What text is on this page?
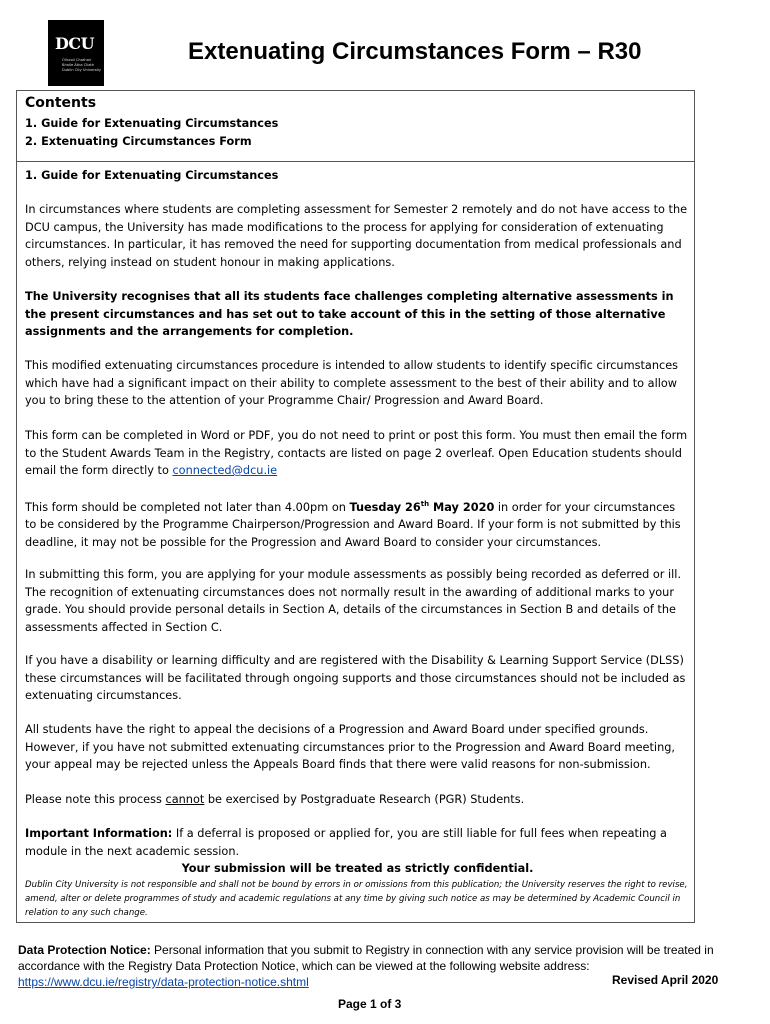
DCU
Ollscoil Chathair Bhaile Átha Cliath Dublin City University
Extenuating Circumstances Form – R30
Contents
1. Guide for Extenuating Circumstances
2. Extenuating Circumstances Form
1. Guide for Extenuating Circumstances
In circumstances where students are completing assessment for Semester 2 remotely and do not have access to the DCU campus, the University has made modifications to the process for applying for consideration of extenuating circumstances. In particular, it has removed the need for supporting documentation from medical professionals and others, relying instead on student honour in making applications.
The University recognises that all its students face challenges completing alternative assessments in the present circumstances and has set out to take account of this in the setting of those alternative assignments and the arrangements for completion.
This modified extenuating circumstances procedure is intended to allow students to identify specific circumstances which have had a significant impact on their ability to complete assessment to the best of their ability and to allow you to bring these to the attention of your Programme Chair/ Progression and Award Board.
This form can be completed in Word or PDF, you do not need to print or post this form. You must then email the form to the Student Awards Team in the Registry, contacts are listed on page 2 overleaf. Open Education students should email the form directly to connected@dcu.ie
This form should be completed not later than 4.00pm on Tuesday 26th May 2020 in order for your circumstances to be considered by the Programme Chairperson/Progression and Award Board. If your form is not submitted by this deadline, it may not be possible for the Progression and Award Board to consider your circumstances.
In submitting this form, you are applying for your module assessments as possibly being recorded as deferred or ill. The recognition of extenuating circumstances does not normally result in the awarding of additional marks to your grade. You should provide personal details in Section A, details of the circumstances in Section B and details of the assessments affected in Section C.
If you have a disability or learning difficulty and are registered with the Disability & Learning Support Service (DLSS) these circumstances will be facilitated through ongoing supports and those circumstances should not be included as extenuating circumstances.
All students have the right to appeal the decisions of a Progression and Award Board under specified grounds. However, if you have not submitted extenuating circumstances prior to the Progression and Award Board meeting, your appeal may be rejected unless the Appeals Board finds that there were valid reasons for non-submission.
Please note this process cannot be exercised by Postgraduate Research (PGR) Students.
Important Information: If a deferral is proposed or applied for, you are still liable for full fees when repeating a module in the next academic session.
Your submission will be treated as strictly confidential.
Dublin City University is not responsible and shall not be bound by errors in or omissions from this publication; the University reserves the right to revise, amend, alter or delete programmes of study and academic regulations at any time by giving such notice as may be determined by Academic Council in relation to any such change.
Data Protection Notice: Personal information that you submit to Registry in connection with any service provision will be treated in accordance with the Registry Data Protection Notice, which can be viewed at the following website address: https://www.dcu.ie/registry/data-protection-notice.shtml	Revised April 2020
Page 1 of 3
